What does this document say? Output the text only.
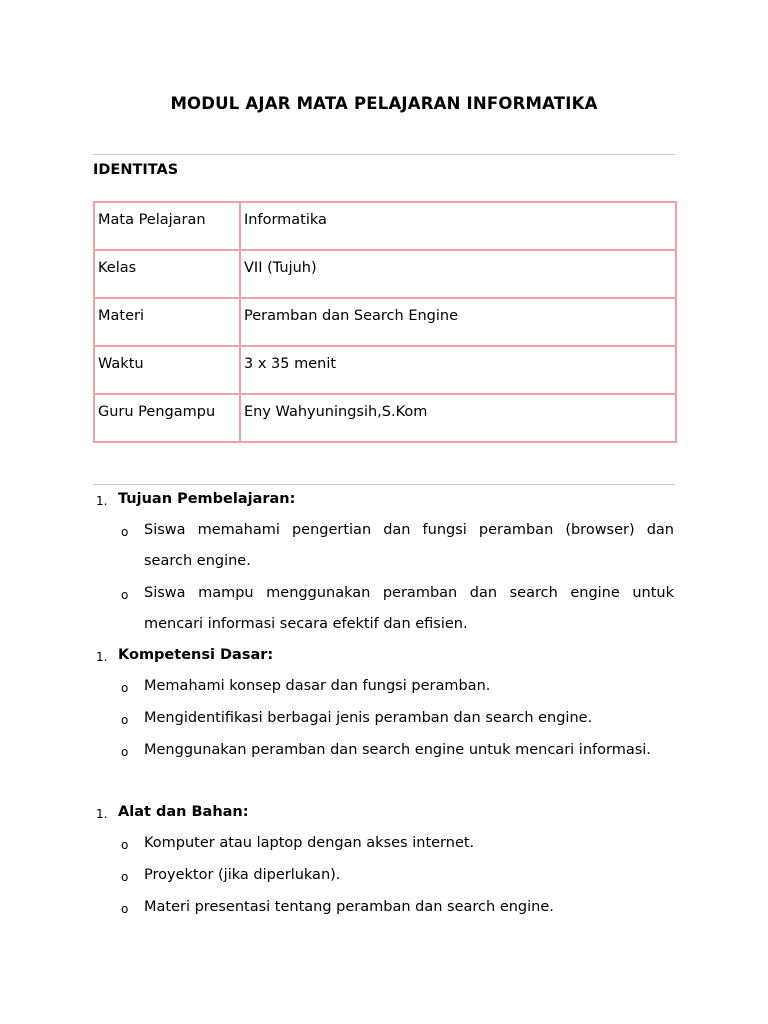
MODUL AJAR MATA PELAJARAN INFORMATIKA
IDENTITAS
Mata Pelajaran	Informatika
Kelas	VII (Tujuh)
Materi	Peramban dan Search Engine
Waktu	3 x 35 menit
Guru Pengampu	Eny Wahyuningsih,S.Kom
1. Tujuan Pembelajaran:
o Siswa memahami pengertian dan fungsi peramban (browser) dan search engine.
o Siswa mampu menggunakan peramban dan search engine untuk mencari informasi secara efektif dan efisien.
1. Kompetensi Dasar:
o Memahami konsep dasar dan fungsi peramban.
o Mengidentifikasi berbagai jenis peramban dan search engine.
o Menggunakan peramban dan search engine untuk mencari informasi.
1. Alat dan Bahan:
o Komputer atau laptop dengan akses internet.
o Proyektor (jika diperlukan).
o Materi presentasi tentang peramban dan search engine.
